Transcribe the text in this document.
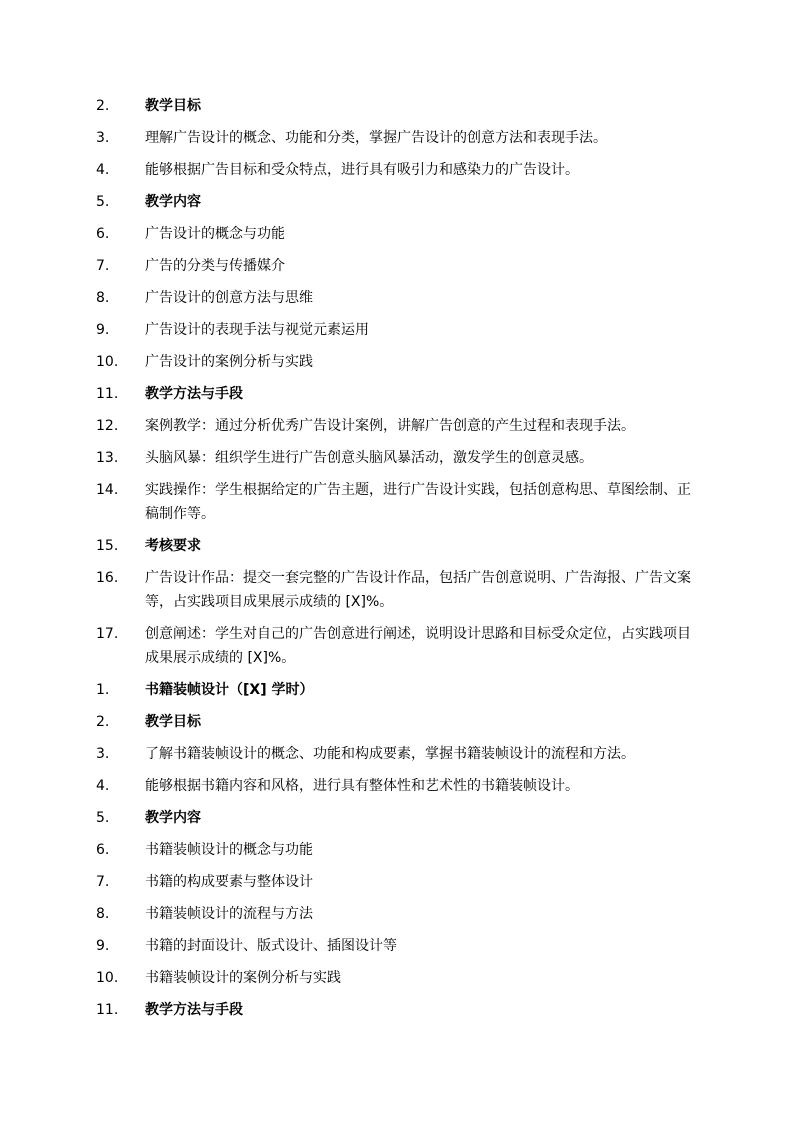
2.	教学目标
3.	理解广告设计的概念、功能和分类，掌握广告设计的创意方法和表现手法。
4.	能够根据广告目标和受众特点，进行具有吸引力和感染力的广告设计。
5.	教学内容
6.	广告设计的概念与功能
7.	广告的分类与传播媒介
8.	广告设计的创意方法与思维
9.	广告设计的表现手法与视觉元素运用
10.	广告设计的案例分析与实践
11.	教学方法与手段
12.	案例教学：通过分析优秀广告设计案例，讲解广告创意的产生过程和表现手法。
13.	头脑风暴：组织学生进行广告创意头脑风暴活动，激发学生的创意灵感。
14.	实践操作：学生根据给定的广告主题，进行广告设计实践，包括创意构思、草图绘制、正稿制作等。
15.	考核要求
16.	广告设计作品：提交一套完整的广告设计作品，包括广告创意说明、广告海报、广告文案等，占实践项目成果展示成绩的 [X]%。
17.	创意阐述：学生对自己的广告创意进行阐述，说明设计思路和目标受众定位，占实践项目成果展示成绩的 [X]%。
1.	书籍装帧设计（[X] 学时）
2.	教学目标
3.	了解书籍装帧设计的概念、功能和构成要素，掌握书籍装帧设计的流程和方法。
4.	能够根据书籍内容和风格，进行具有整体性和艺术性的书籍装帧设计。
5.	教学内容
6.	书籍装帧设计的概念与功能
7.	书籍的构成要素与整体设计
8.	书籍装帧设计的流程与方法
9.	书籍的封面设计、版式设计、插图设计等
10.	书籍装帧设计的案例分析与实践
11.	教学方法与手段
